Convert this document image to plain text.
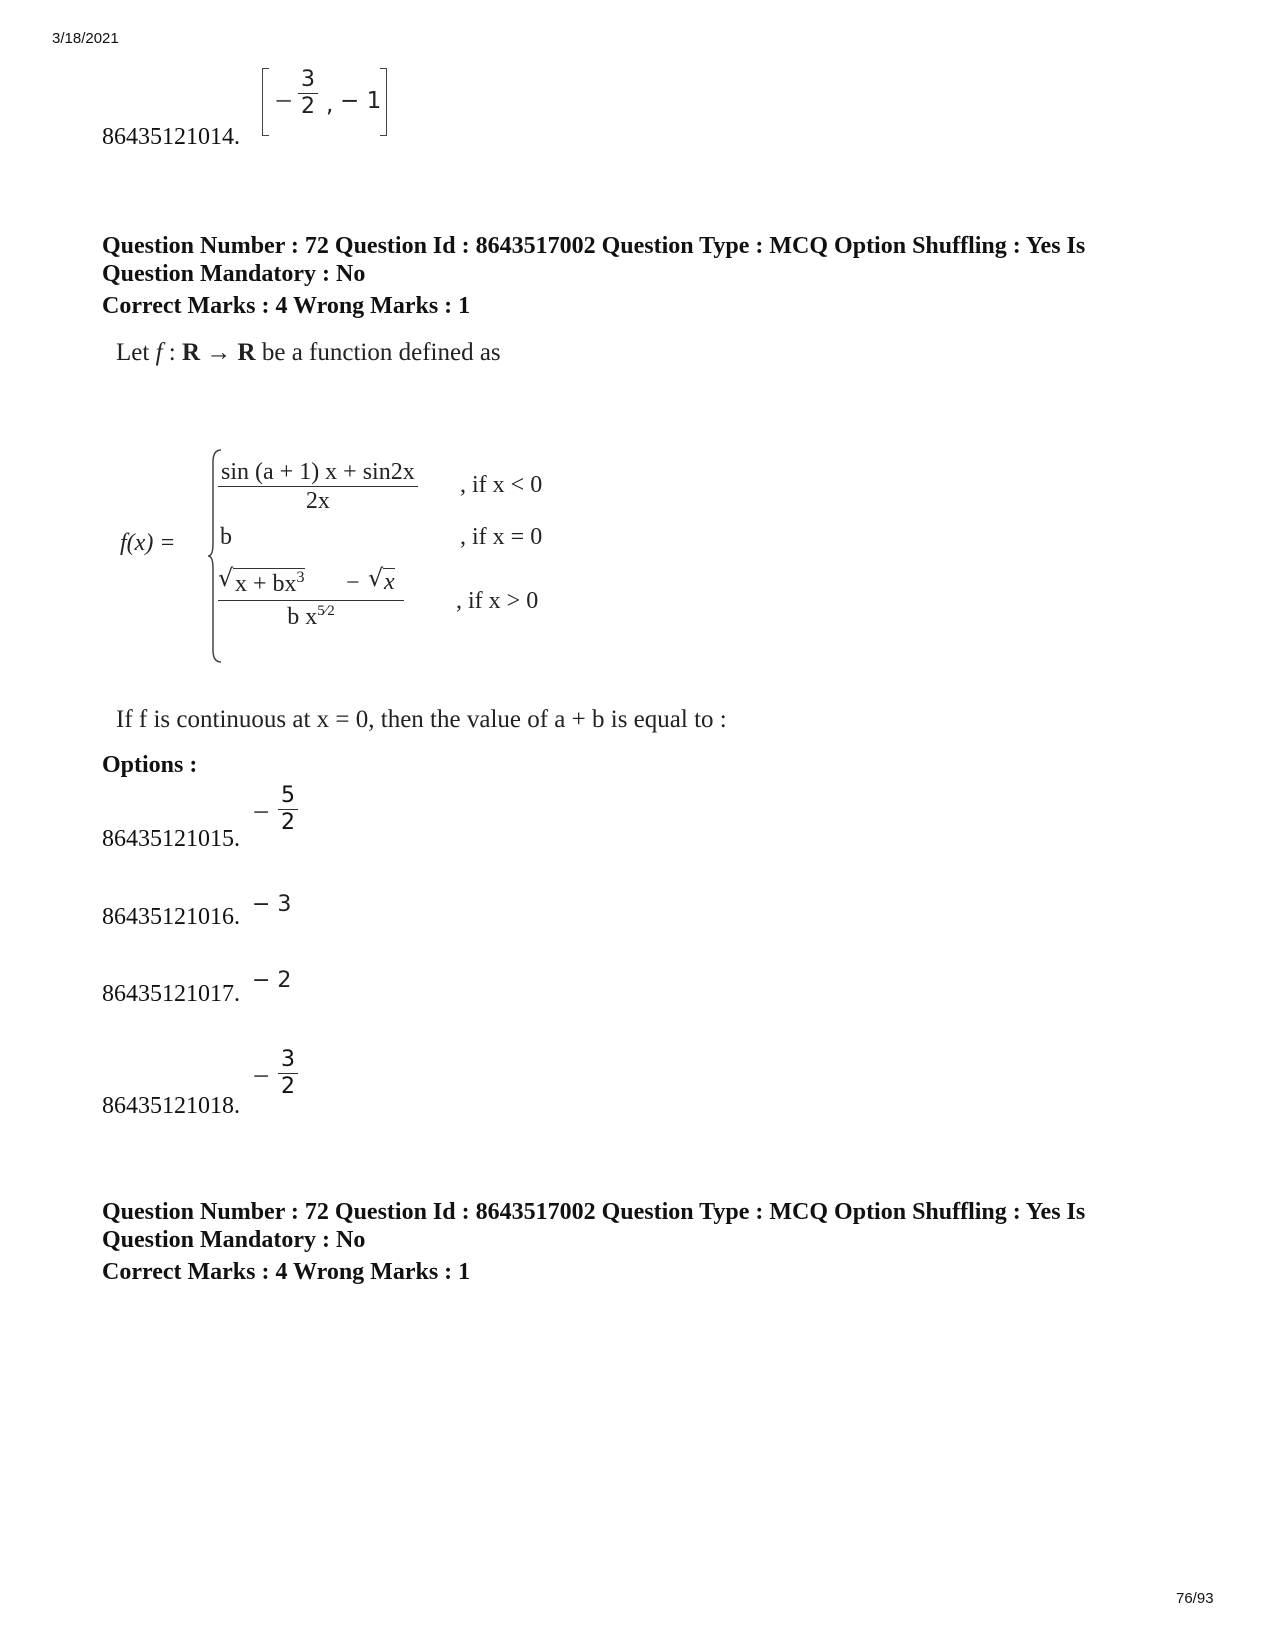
3/18/2021
76/93
86435121014.
− $\frac{3}{2}$ , − 1
Question Number : 72 Question Id : 8643517002 Question Type : MCQ Option Shuffling : Yes Is
Question Mandatory : No
Correct Marks : 4 Wrong Marks : 1
Let f : R → R be a function defined as
f(x) =
$\frac{\sin (a + 1) x + \sin 2x}{2x}$ , if x < 0
b	, if x = 0
$\frac{√ x + bx^3 - √ x}{b x^{5⁄2}}$ , if x > 0
If f is continuous at x = 0, then the value of a + b is equal to :
Options :
86435121015.
− $\frac{5}{2}$
86435121016. − 3
86435121017.
− 2
86435121018.
− $\frac{3}{2}$
Question Number : 72 Question Id : 8643517002 Question Type : MCQ Option Shuffling : Yes Is
Question Mandatory : No
Correct Marks : 4 Wrong Marks : 1
